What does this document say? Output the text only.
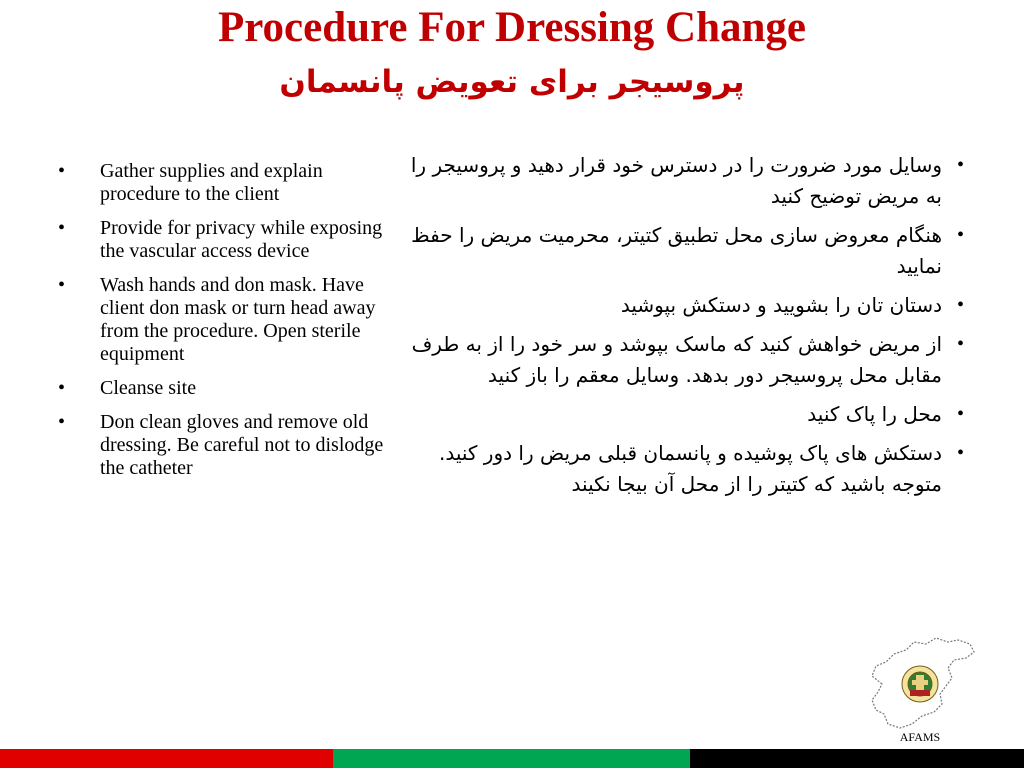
Procedure For Dressing Change
پروسیجر برای تعویض پانسمان
•	Gather supplies and explain procedure to the client
•	Provide for privacy while exposing the vascular access device
•	Wash hands and don mask. Have client don mask or turn head away from the procedure. Open sterile equipment
•	Cleanse site
•	Don clean gloves and remove old dressing. Be careful not to dislodge the catheter
•
وسایل مورد ضرورت را در دسترس خود قرار دهید و پروسیجر را به مریض توضیح کنید
•
هنگام معروض سازی محل تطبیق کتیتر، محرمیت مریض را حفظ نمایید
•
دستان تان را بشویید و دستکش بپوشید
•
از مریض خواهش کنید که ماسک بپوشد و سر خود را از به طرف مقابل محل پروسیجر دور بدهد. وسایل معقم را باز کنید
•
محل را پاک کنید
•
دستکش های پاک پوشیده و پانسمان قبلی مریض را دور کنید. متوجه باشید که کتیتر را از محل آن بیجا نکیند
AFAMS
